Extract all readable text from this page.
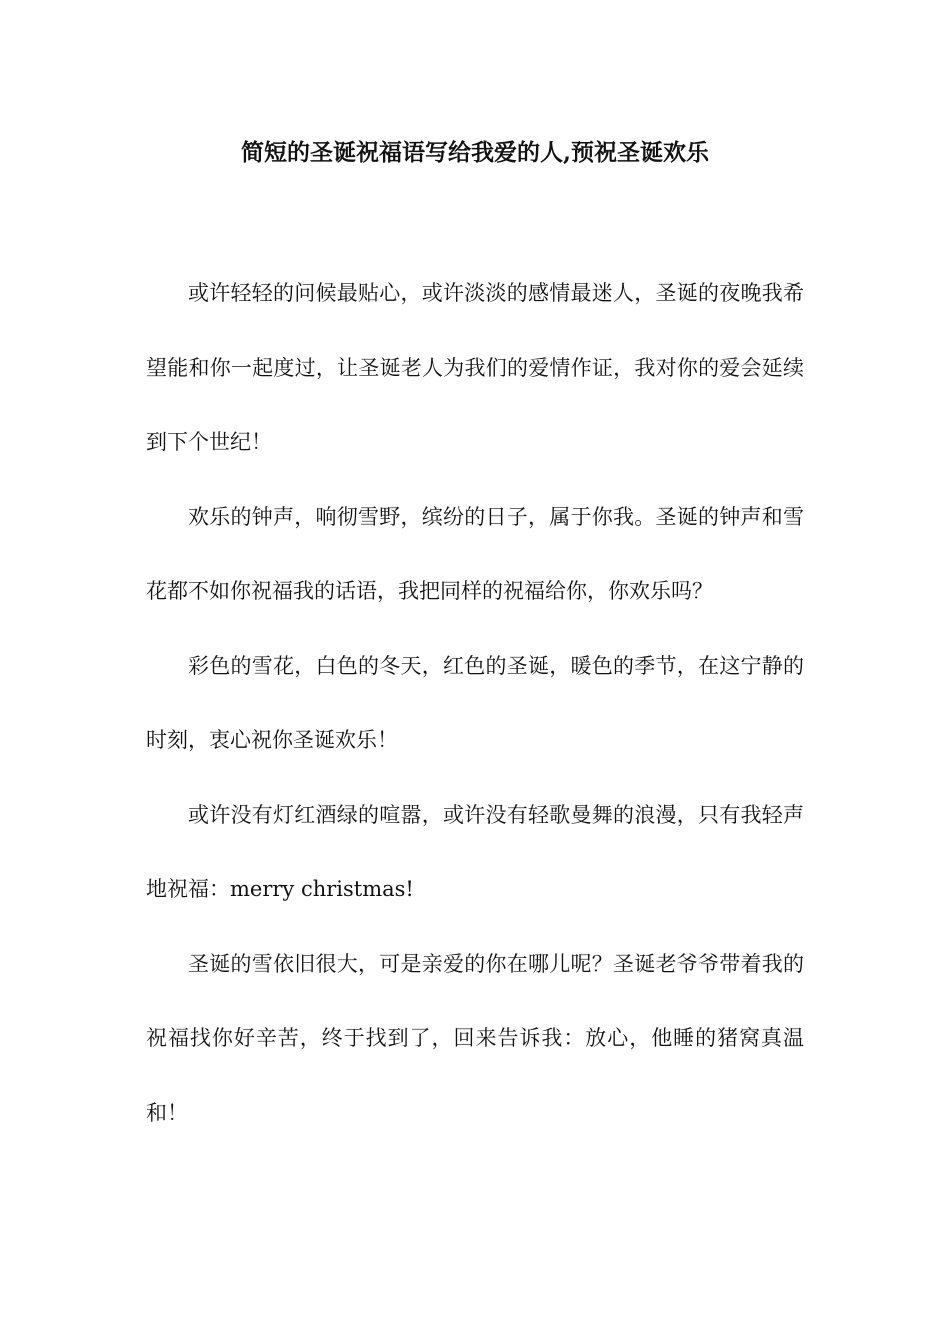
简短的圣诞祝福语写给我爱的人,预祝圣诞欢乐

或许轻轻的问候最贴心，或许淡淡的感情最迷人，圣诞的夜晚我希望能和你一起度过，让圣诞老人为我们的爱情作证，我对你的爱会延续到下个世纪！

欢乐的钟声，响彻雪野，缤纷的日子，属于你我。圣诞的钟声和雪花都不如你祝福我的话语，我把同样的祝福给你，你欢乐吗？

彩色的雪花，白色的冬天，红色的圣诞，暖色的季节，在这宁静的时刻，衷心祝你圣诞欢乐！

或许没有灯红酒绿的喧嚣，或许没有轻歌曼舞的浪漫，只有我轻声地祝福：merry christmas!

圣诞的雪依旧很大，可是亲爱的你在哪儿呢？圣诞老爷爷带着我的祝福找你好辛苦，终于找到了，回来告诉我：放心，他睡的猪窝真温和！
